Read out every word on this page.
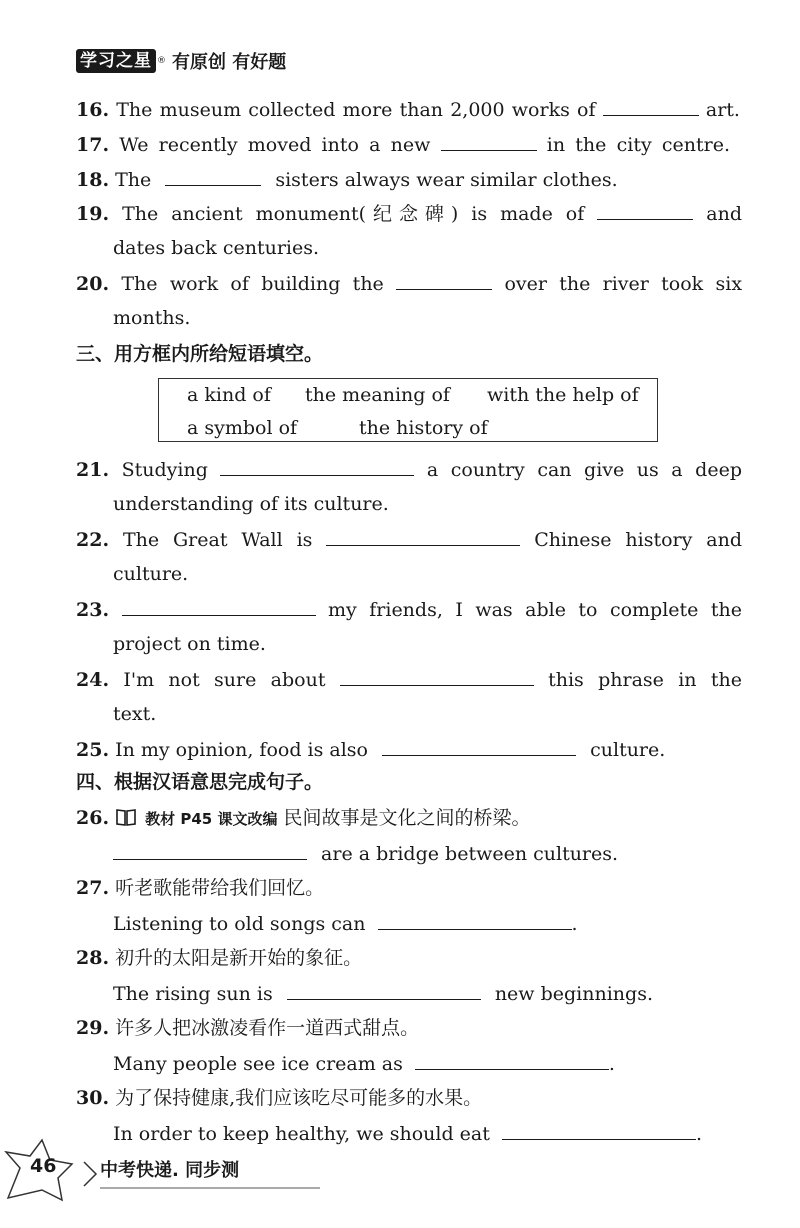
学习之星 ® 有原创 有好题
16. The museum collected more than 2,000 works of	art.
17. We recently moved into a new	in the city centre.
18. The	sisters always wear similar clothes.
19. The ancient monument(纪念碑) is made of	and
dates back centuries.
20. The work of building the	over the river took six
months.
三、用方框内所给短语填空。
a kind of the meaning of with the help of
a symbol of	the history of
21. Studying	a country can give us a deep
understanding of its culture.
22. The Great Wall is	Chinese history and
culture.
23.	my friends, I was able to complete the
project on time.
24. I'm not sure about	this phrase in the
text.
25. In my opinion, food is also	culture.
四、根据汉语意思完成句子。
26. 教材 P45 课文改编 民间故事是文化之间的桥梁。
are a bridge between cultures.
27. 听老歌能带给我们回忆。
Listening to old songs can	.
28. 初升的太阳是新开始的象征。
The rising sun is	new beginnings.
29. 许多人把冰激凌看作一道西式甜点。
Many people see ice cream as	.
30. 为了保持健康,我们应该吃尽可能多的水果。
In order to keep healthy, we should eat	.
46 中考快递. 同步测
